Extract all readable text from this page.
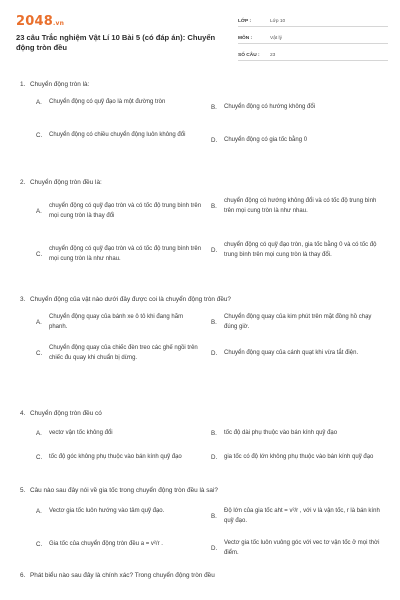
2048.vn
23 câu Trắc nghiệm Vật Lí 10 Bài 5 (có đáp án): Chuyển động tròn đều
LỚP :	Lớp 10
MÔN :	Vật lý
SỐ CÂU :	23
1. Chuyển động tròn là:
A.	Chuyển động có quỹ đạo là một đường tròn
B.	Chuyển động có hướng không đổi
C.	Chuyển động có chiều chuyển động luôn không đổi
D.	Chuyển động có gia tốc bằng 0
2. Chuyển động tròn đều là:
A.
chuyển động có quỹ đạo tròn và có tốc độ trung bình trên mọi cung tròn là thay đổi
B.
chuyển động có hướng không đổi và có tốc độ trung bình trên mọi cung tròn là như nhau.
C.
chuyển động có quỹ đạo tròn và có tốc độ trung bình trên mọi cung tròn là như nhau.
D.
chuyển động có quỹ đạo tròn, gia tốc bằng 0 và có tốc độ trung bình trên mọi cung tròn là thay đổi.
3. Chuyển động của vật nào dưới đây được coi là chuyển động tròn đều?
A.
Chuyển động quay của bánh xe ô tô khi đang hãm phanh.
B.
Chuyển động quay của kim phút trên mặt đồng hồ chạy đúng giờ.
C.
Chuyển động quay của chiếc đèn treo các ghế ngồi trên chiếc đu quay khi chuẩn bị dừng.
D.	Chuyển động quay của cánh quạt khi vừa tắt điện.
4. Chuyển động tròn đều có
A.	vectơ vận tốc không đổi	B.	tốc độ dài phụ thuộc vào bán kính quỹ đạo
C.	tốc độ góc không phụ thuộc vào bán kính quỹ đạo	D.	gia tốc có độ lớn không phụ thuộc vào bán kính quỹ đạo
5. Câu nào sau đây nói về gia tốc trong chuyển động tròn đều là sai?
A.	Vectơ gia tốc luôn hướng vào tâm quỹ đạo.
B.
Độ lớn của gia tốc aht = v²/r , với v là vận tốc, r là bán kính quỹ đạo.
C.	Gia tốc của chuyển động tròn đều a = v²/r .
D.
Vectơ gia tốc luôn vuông góc với vec tơ vận tốc ở mọi thời điểm.
6. Phát biểu nào sau đây là chính xác? Trong chuyển động tròn đều
